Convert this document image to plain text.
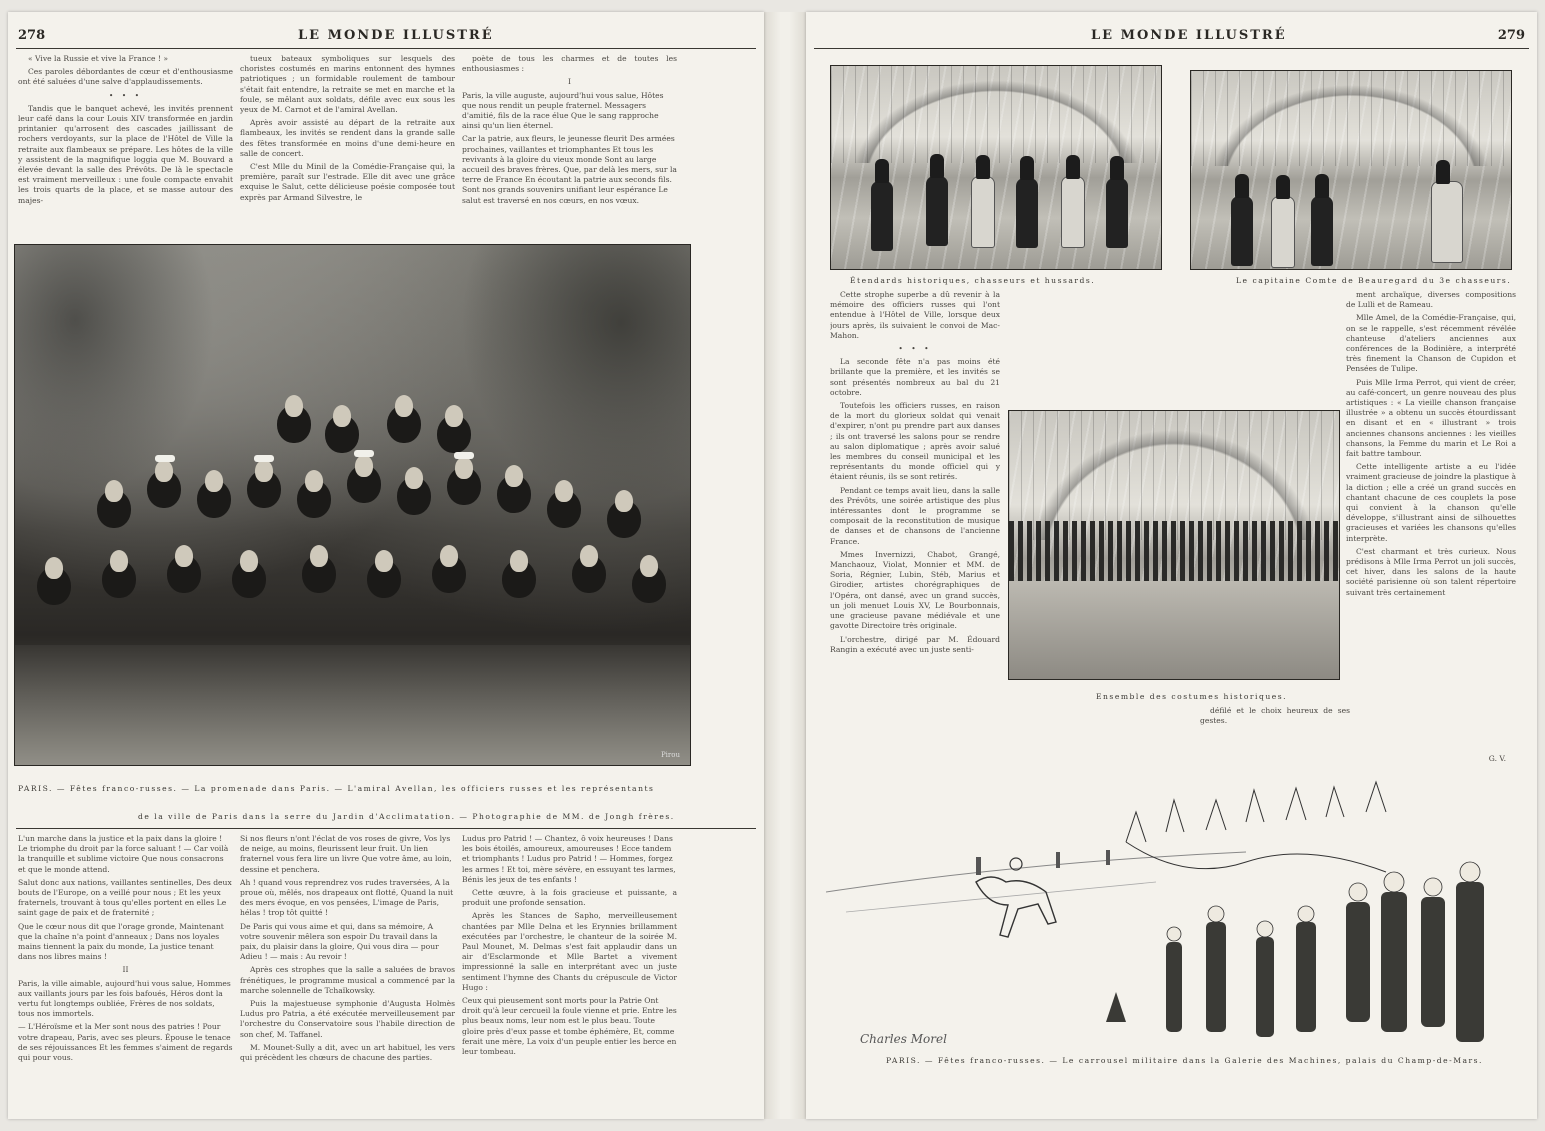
278	LE MONDE ILLUSTRÉ

« Vive la Russie et vive la France ! »

Ces paroles débordantes de cœur et d'enthousiasme ont été saluées d'une salve d'applaudissements.

• • •

Tandis que le banquet achevé, les invités prennent leur café dans la cour Louis XIV transformée en jardin printanier qu'arrosent des cascades jaillissant de rochers verdoyants, sur la place de l'Hôtel de Ville la retraite aux flambeaux se prépare. Les hôtes de la ville y assistent de la magnifique loggia que M. Bouvard a élevée devant la salle des Prévôts. De là le spectacle est vraiment merveilleux : une foule compacte envahit les trois quarts de la place, et se masse autour des majes-

tueux bateaux symboliques sur lesquels des choristes costumés en marins entonnent des hymnes patriotiques ; un formidable roulement de tambour s'était fait entendre, la retraite se met en marche et la foule, se mêlant aux soldats, défile avec eux sous les yeux de M. Carnot et de l'amiral Avellan.

Après avoir assisté au départ de la retraite aux flambeaux, les invités se rendent dans la grande salle des fêtes transformée en moins d'une demi-heure en salle de concert.

C'est Mlle du Minil de la Comédie-Française qui, la première, paraît sur l'estrade. Elle dit avec une grâce exquise le Salut, cette délicieuse poésie composée tout exprès par Armand Silvestre, le

poète de tous les charmes et de toutes les enthousiasmes :

I

Paris, la ville auguste, aujourd'hui vous salue, Hôtes que nous rendit un peuple fraternel. Messagers d'amitié, fils de la race élue Que le sang rapproche ainsi qu'un lien éternel.

Car la patrie, aux fleurs, le jeunesse fleurit Des armées prochaines, vaillantes et triomphantes Et tous les revivants à la gloire du vieux monde Sont au large accueil des braves frères. Que, par delà les mers, sur la terre de France En écoutant la patrie aux seconds fils. Sont nos grands souvenirs unifiant leur espérance Le salut est traversé en nos cœurs, en nos vœux.

Pirou
PARIS. — Fêtes franco-russes. — La promenade dans Paris. — L'amiral Avellan, les officiers russes et les représentants
de la ville de Paris dans la serre du Jardin d'Acclimatation. — Photographie de MM. de Jongh frères.

L'un marche dans la justice et la paix dans la gloire ! Le triomphe du droit par la force saluant ! — Car voilà la tranquille et sublime victoire Que nous consacrons et que le monde attend.

Salut donc aux nations, vaillantes sentinelles, Des deux bouts de l'Europe, on a veillé pour nous ; Et les yeux fraternels, trouvant à tous qu'elles portent en elles Le saint gage de paix et de fraternité ;

Que le cœur nous dit que l'orage gronde, Maintenant que la chaîne n'a point d'anneaux ; Dans nos loyales mains tiennent la paix du monde, La justice tenant dans nos libres mains !

II

Paris, la ville aimable, aujourd'hui vous salue, Hommes aux vaillants jours par les fois bafoués, Héros dont la vertu fut longtemps oubliée, Frères de nos soldats, tous nos immortels.

— L'Héroïsme et la Mer sont nous des patries ! Pour votre drapeau, Paris, avec ses pleurs. Épouse le tenace de ses réjouissances Et les femmes s'aiment de regards qui pour vous.

Si nos fleurs n'ont l'éclat de vos roses de givre, Vos lys de neige, au moins, fleurissent leur fruit. Un lien fraternel vous fera lire un livre Que votre âme, au loin, dessine et penchera.

Ah ! quand vous reprendrez vos rudes traversées, A la proue où, mêlés, nos drapeaux ont flotté, Quand la nuit des mers évoque, en vos pensées, L'image de Paris, hélas ! trop tôt quitté !

De Paris qui vous aime et qui, dans sa mémoire, A votre souvenir mêlera son espoir Du travail dans la paix, du plaisir dans la gloire, Qui vous dira — pour Adieu ! — mais : Au revoir !

Après ces strophes que la salle a saluées de bravos frénétiques, le programme musical a commencé par la marche solennelle de Tchaïkowsky.

Puis la majestueuse symphonie d'Augusta Holmès Ludus pro Patria, a été exécutée merveilleusement par l'orchestre du Conservatoire sous l'habile direction de son chef, M. Taffanel.

M. Mounet-Sully a dit, avec un art habituel, les vers qui précèdent les chœurs de chacune des parties.

Ludus pro Patrid ! — Chantez, ô voix heureuses ! Dans les bois étoilés, amoureux, amoureuses ! Ecce tandem et triomphants ! Ludus pro Patrid ! — Hommes, forgez les armes ! Et toi, mère sévère, en essuyant tes larmes, Bénis les jeux de tes enfants !

Cette œuvre, à la fois gracieuse et puissante, a produit une profonde sensation.

Après les Stances de Sapho, merveilleusement chantées par Mlle Delna et les Erynnies brillamment exécutées par l'orchestre, le chanteur de la soirée M. Paul Mounet, M. Delmas s'est fait applaudir dans un air d'Esclarmonde et Mlle Bartet a vivement impressionné la salle en interprétant avec un juste sentiment l'hymne des Chants du crépuscule de Victor Hugo :

Ceux qui pieusement sont morts pour la Patrie Ont droit qu'à leur cercueil la foule vienne et prie. Entre les plus beaux noms, leur nom est le plus beau. Toute gloire près d'eux passe et tombe éphémère, Et, comme ferait une mère, La voix d'un peuple entier les berce en leur tombeau.

LE MONDE ILLUSTRÉ	279
Étendards historiques, chasseurs et hussards.	Le capitaine Comte de Beauregard du 3e chasseurs.

Cette strophe superbe a dû revenir à la mémoire des officiers russes qui l'ont entendue à l'Hôtel de Ville, lorsque deux jours après, ils suivaient le convoi de Mac-Mahon.

• • •

La seconde fête n'a pas moins été brillante que la première, et les invités se sont présentés nombreux au bal du 21 octobre.

Toutefois les officiers russes, en raison de la mort du glorieux soldat qui venait d'expirer, n'ont pu prendre part aux danses ; ils ont traversé les salons pour se rendre au salon diplomatique ; après avoir salué les membres du conseil municipal et les représentants du monde officiel qui y étaient réunis, ils se sont retirés.

Pendant ce temps avait lieu, dans la salle des Prévôts, une soirée artistique des plus intéressantes dont le programme se composait de la reconstitution de musique de danses et de chansons de l'ancienne France.

Mmes Invernizzi, Chabot, Grangé, Manchaouz, Violat, Monnier et MM. de Soria, Régnier, Lubin, Stéb, Marius et Girodier, artistes chorégraphiques de l'Opéra, ont dansé, avec un grand succès, un joli menuet Louis XV, Le Bourbonnais, une gracieuse pavane médiévale et une gavotte Directoire très originale.

L'orchestre, dirigé par M. Édouard Rangin a exécuté avec un juste senti-

Ensemble des costumes historiques.

ment archaïque, diverses compositions de Lulli et de Rameau.

Mlle Amel, de la Comédie-Française, qui, on se le rappelle, s'est récemment révélée chanteuse d'ateliers anciennes aux conférences de la Bodinière, a interprété très finement la Chanson de Cupidon et Pensées de Tulipe.

Puis Mlle Irma Perrot, qui vient de créer, au café-concert, un genre nouveau des plus artistiques : « La vieille chanson française illustrée » a obtenu un succès étourdissant en disant et en « illustrant » trois anciennes chansons anciennes : les vieilles chansons, la Femme du marin et Le Roi a fait battre tambour.

Cette intelligente artiste a eu l'idée vraiment gracieuse de joindre la plastique à la diction ; elle a créé un grand succès en chantant chacune de ces couplets la pose qui convient à la chanson qu'elle développe, s'illustrant ainsi de silhouettes gracieuses et variées les chansons qu'elles interprète.

C'est charmant et très curieux. Nous prédisons à Mlle Irma Perrot un joli succès, cet hiver, dans les salons de la haute société parisienne où son talent répertoire suivant très certainement

défilé et le choix heureux de ses gestes.

G. V.
Charles Morel
PARIS. — Fêtes franco-russes. — Le carrousel militaire dans la Galerie des Machines, palais du Champ-de-Mars.
